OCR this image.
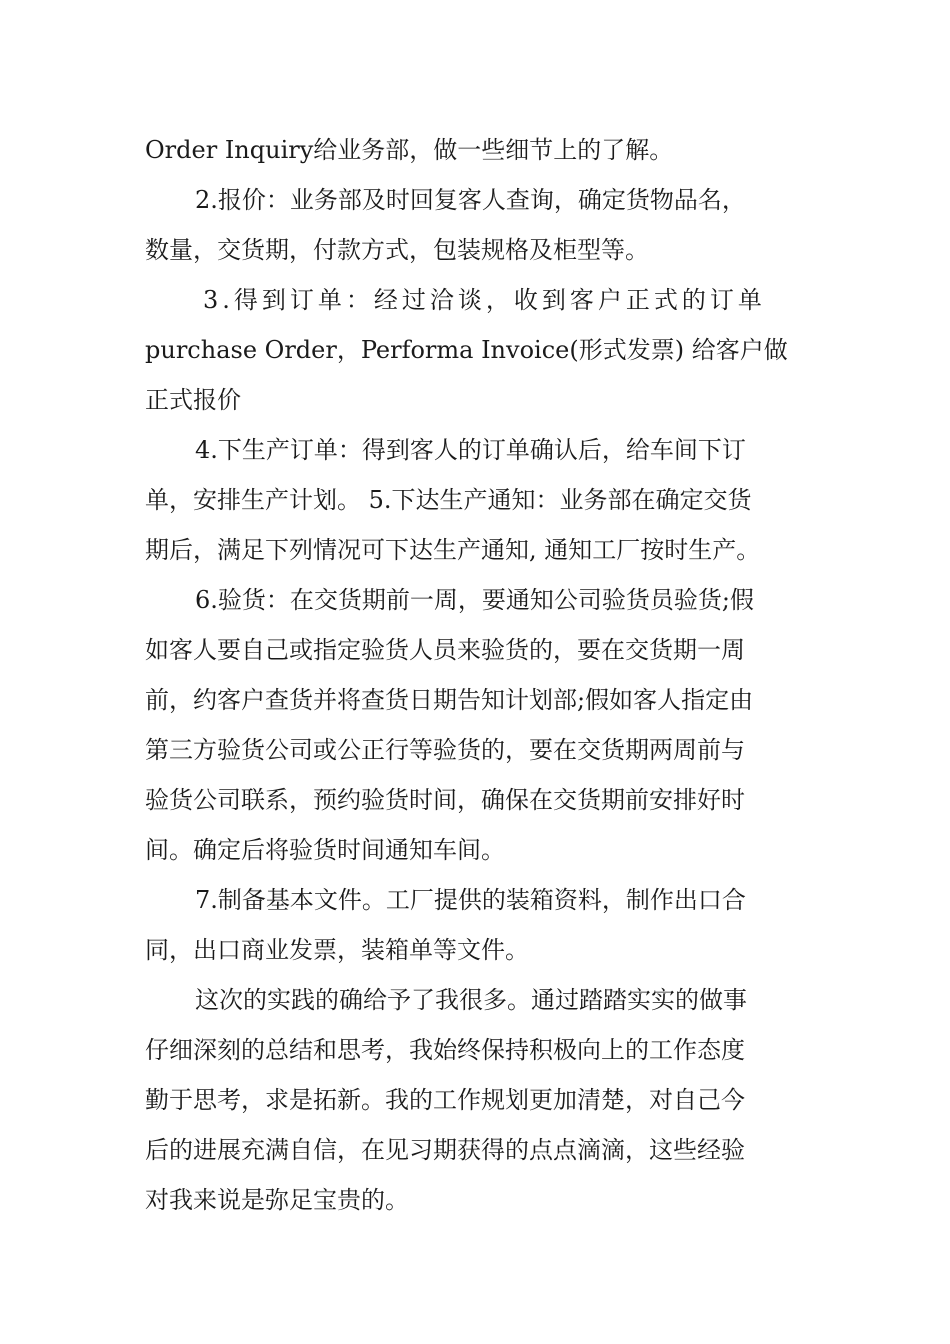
Order Inquiry给业务部，做一些细节上的了解。
2.报价：业务部及时回复客人查询，确定货物品名，
数量，交货期，付款方式，包装规格及柜型等。
3.得到订单：经过洽谈，收到客户正式的订单
purchase Order，Performa Invoice(形式发票) 给客户做
正式报价
4.下生产订单：得到客人的订单确认后，给车间下订
单，安排生产计划。 5.下达生产通知：业务部在确定交货
期后，满足下列情况可下达生产通知, 通知工厂按时生产。
6.验货：在交货期前一周，要通知公司验货员验货;假
如客人要自己或指定验货人员来验货的，要在交货期一周
前，约客户查货并将查货日期告知计划部;假如客人指定由
第三方验货公司或公正行等验货的，要在交货期两周前与
验货公司联系，预约验货时间，确保在交货期前安排好时
间。确定后将验货时间通知车间。
7.制备基本文件。工厂提供的装箱资料，制作出口合
同，出口商业发票，装箱单等文件。
这次的实践的确给予了我很多。通过踏踏实实的做事
仔细深刻的总结和思考，我始终保持积极向上的工作态度
勤于思考，求是拓新。我的工作规划更加清楚，对自己今
后的进展充满自信，在见习期获得的点点滴滴，这些经验
对我来说是弥足宝贵的。
